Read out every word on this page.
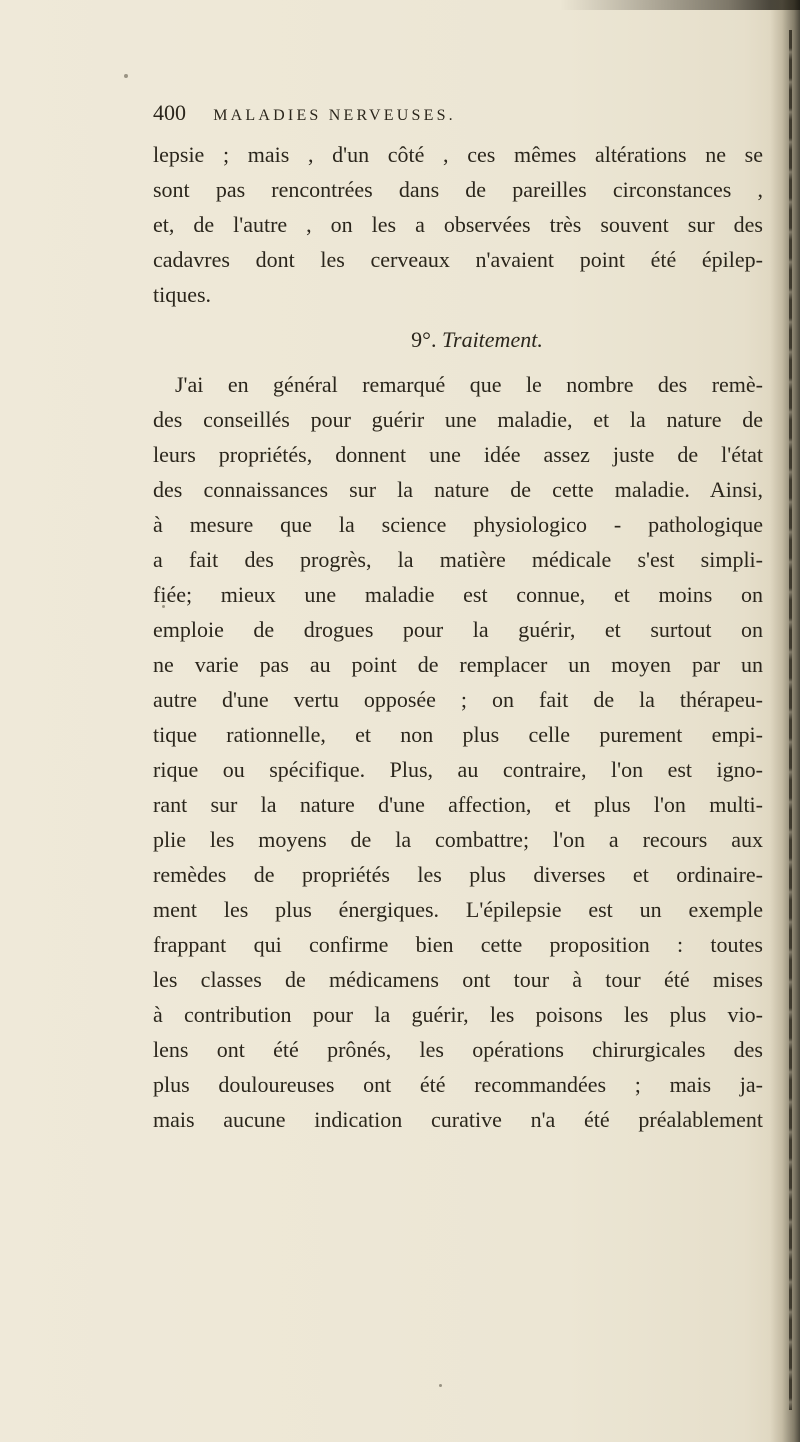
400 MALADIES NERVEUSES.
lepsie ; mais , d'un côté , ces mêmes altérations ne se
sont pas rencontrées dans de pareilles circonstances ,
et, de l'autre , on les a observées très souvent sur des
cadavres dont les cerveaux n'avaient point été épilep-
tiques.
9°. Traitement.
J'ai en général remarqué que le nombre des remè-
des conseillés pour guérir une maladie, et la nature de
leurs propriétés, donnent une idée assez juste de l'état
des connaissances sur la nature de cette maladie. Ainsi,
à mesure que la science physiologico - pathologique
a fait des progrès, la matière médicale s'est simpli-
fiée; mieux une maladie est connue, et moins on
emploie de drogues pour la guérir, et surtout on
ne varie pas au point de remplacer un moyen par un
autre d'une vertu opposée ; on fait de la thérapeu-
tique rationnelle, et non plus celle purement empi-
rique ou spécifique. Plus, au contraire, l'on est igno-
rant sur la nature d'une affection, et plus l'on multi-
plie les moyens de la combattre; l'on a recours aux
remèdes de propriétés les plus diverses et ordinaire-
ment les plus énergiques. L'épilepsie est un exemple
frappant qui confirme bien cette proposition : toutes
les classes de médicamens ont tour à tour été mises
à contribution pour la guérir, les poisons les plus vio-
lens ont été prônés, les opérations chirurgicales des
plus douloureuses ont été recommandées ; mais ja-
mais aucune indication curative n'a été préalablement
